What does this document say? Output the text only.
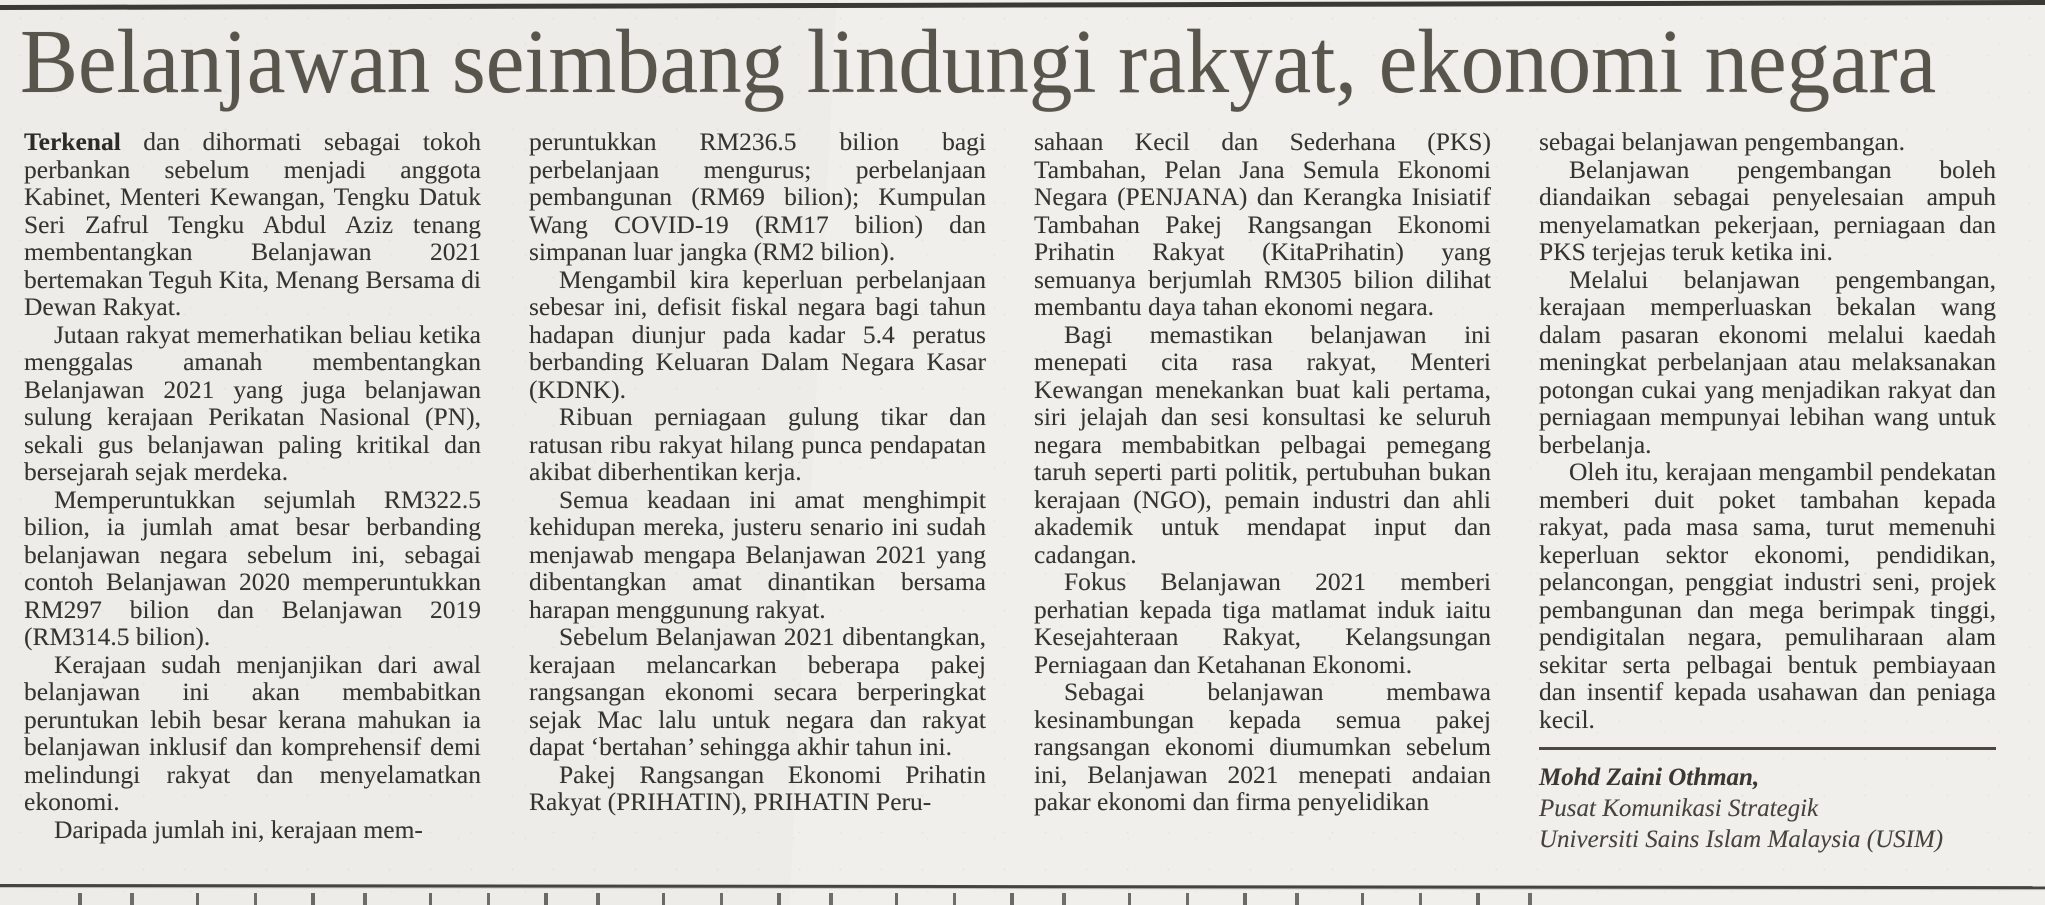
Belanjawan seimbang lindungi rakyat, ekonomi negara

Terkenal dan dihormati sebagai tokoh perbankan sebelum menjadi anggota Kabinet, Menteri Kewangan, Tengku Datuk Seri Zafrul Tengku Abdul Aziz tenang membentangkan Belanjawan 2021 bertemakan Teguh Kita, Menang Bersama di Dewan Rakyat.

Jutaan rakyat memerhatikan beliau ketika menggalas amanah membentangkan Belanjawan 2021 yang juga belanjawan sulung kerajaan Perikatan Nasional (PN), sekali gus belanjawan paling kritikal dan bersejarah sejak merdeka.

Memperuntukkan sejumlah RM322.5 bilion, ia jumlah amat besar berbanding belanjawan negara sebelum ini, sebagai contoh Belanjawan 2020 memperuntukkan RM297 bilion dan Belanjawan 2019 (RM314.5 bilion).

Kerajaan sudah menjanjikan dari awal belanjawan ini akan membabitkan peruntukan lebih besar kerana mahukan ia belanjawan inklusif dan komprehensif demi melindungi rakyat dan menyelamatkan ekonomi.

Daripada jumlah ini, kerajaan mem-

peruntukkan RM236.5 bilion bagi perbelanjaan mengurus; perbelanjaan pembangunan (RM69 bilion); Kumpulan Wang COVID-19 (RM17 bilion) dan simpanan luar jangka (RM2 bilion).

Mengambil kira keperluan perbelanjaan sebesar ini, defisit fiskal negara bagi tahun hadapan diunjur pada kadar 5.4 peratus berbanding Keluaran Dalam Negara Kasar (KDNK).

Ribuan perniagaan gulung tikar dan ratusan ribu rakyat hilang punca pendapatan akibat diberhentikan kerja.

Semua keadaan ini amat menghimpit kehidupan mereka, justeru senario ini sudah menjawab mengapa Belanjawan 2021 yang dibentangkan amat dinantikan bersama harapan menggunung rakyat.

Sebelum Belanjawan 2021 dibentangkan, kerajaan melancarkan beberapa pakej rangsangan ekonomi secara berperingkat sejak Mac lalu untuk negara dan rakyat dapat ‘bertahan’ sehingga akhir tahun ini.

Pakej Rangsangan Ekonomi Prihatin Rakyat (PRIHATIN), PRIHATIN Peru-

sahaan Kecil dan Sederhana (PKS) Tambahan, Pelan Jana Semula Ekonomi Negara (PENJANA) dan Kerangka Inisiatif Tambahan Pakej Rangsangan Ekonomi Prihatin Rakyat (KitaPrihatin) yang semuanya berjumlah RM305 bilion dilihat membantu daya tahan ekonomi negara.

Bagi memastikan belanjawan ini menepati cita rasa rakyat, Menteri Kewangan menekankan buat kali pertama, siri jelajah dan sesi konsultasi ke seluruh negara membabitkan pelbagai pemegang taruh seperti parti politik, pertubuhan bukan kerajaan (NGO), pemain industri dan ahli akademik untuk mendapat input dan cadangan.

Fokus Belanjawan 2021 memberi perhatian kepada tiga matlamat induk iaitu Kesejahteraan Rakyat, Kelangsungan Perniagaan dan Ketahanan Ekonomi.

Sebagai belanjawan membawa kesinambungan kepada semua pakej rangsangan ekonomi diumumkan sebelum ini, Belanjawan 2021 menepati andaian pakar ekonomi dan firma penyelidikan

sebagai belanjawan pengembangan.

Belanjawan pengembangan boleh diandaikan sebagai penyelesaian ampuh menyelamatkan pekerjaan, perniagaan dan PKS terjejas teruk ketika ini.

Melalui belanjawan pengembangan, kerajaan memperluaskan bekalan wang dalam pasaran ekonomi melalui kaedah meningkat perbelanjaan atau melaksanakan potongan cukai yang menjadikan rakyat dan perniagaan mempunyai lebihan wang untuk berbelanja.

Oleh itu, kerajaan mengambil pendekatan memberi duit poket tambahan kepada rakyat, pada masa sama, turut memenuhi keperluan sektor ekonomi, pendidikan, pelancongan, penggiat industri seni, projek pembangunan dan mega berimpak tinggi, pendigitalan negara, pemuliharaan alam sekitar serta pelbagai bentuk pembiayaan dan insentif kepada usahawan dan peniaga kecil.

Mohd Zaini Othman,
Pusat Komunikasi Strategik
Universiti Sains Islam Malaysia (USIM)
